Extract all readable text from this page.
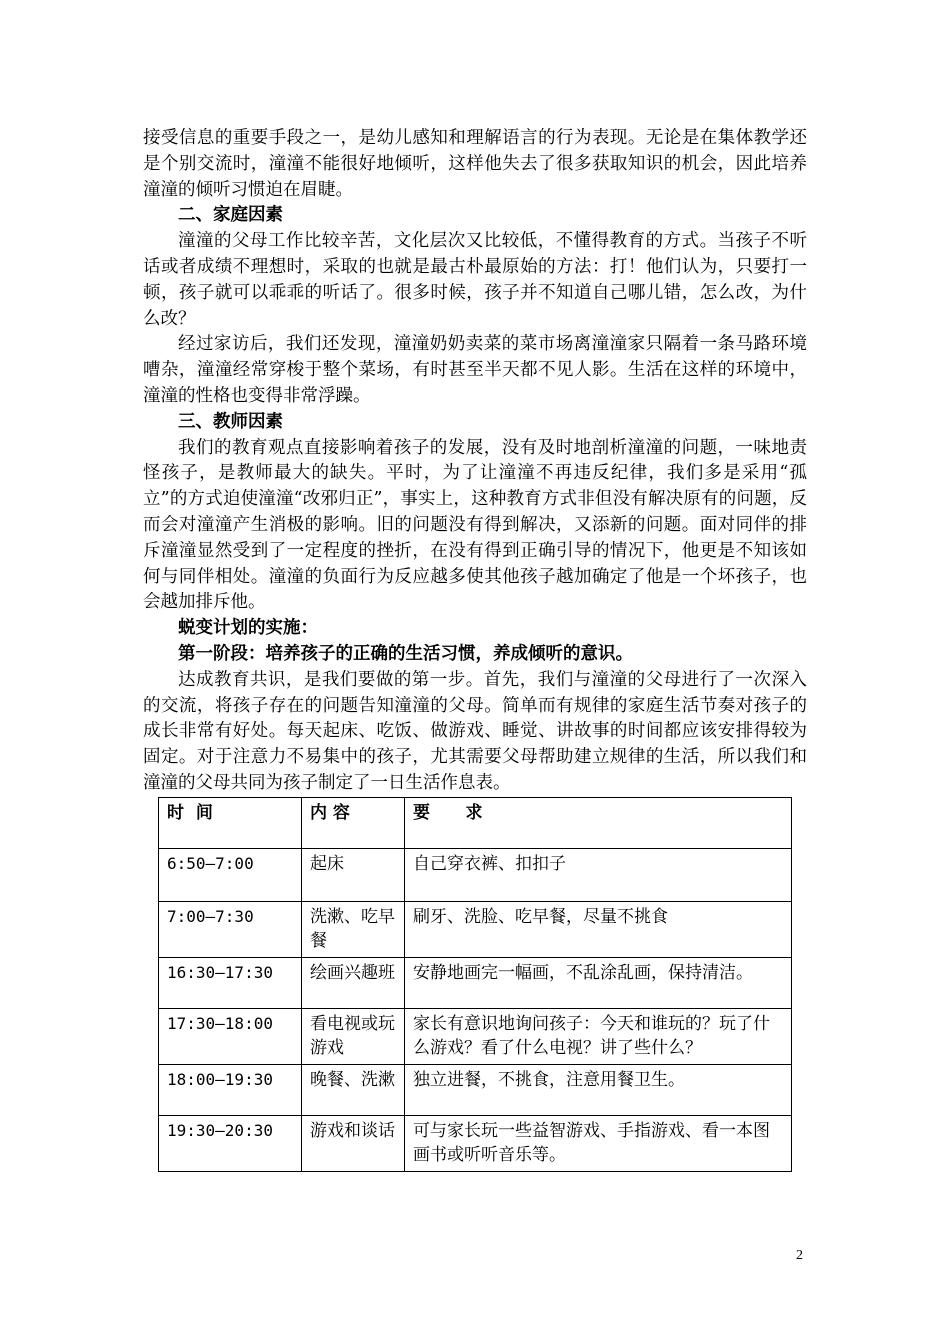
接受信息的重要手段之一，是幼儿感知和理解语言的行为表现。无论是在集体教学还是个别交流时，潼潼不能很好地倾听，这样他失去了很多获取知识的机会，因此培养潼潼的倾听习惯迫在眉睫。

二、家庭因素

潼潼的父母工作比较辛苦，文化层次又比较低，不懂得教育的方式。当孩子不听话或者成绩不理想时，采取的也就是最古朴最原始的方法：打！他们认为，只要打一顿，孩子就可以乖乖的听话了。很多时候，孩子并不知道自己哪儿错，怎么改，为什么改？

经过家访后，我们还发现，潼潼奶奶卖菜的菜市场离潼潼家只隔着一条马路环境嘈杂，潼潼经常穿梭于整个菜场，有时甚至半天都不见人影。生活在这样的环境中，潼潼的性格也变得非常浮躁。

三、教师因素

我们的教育观点直接影响着孩子的发展，没有及时地剖析潼潼的问题，一味地责怪孩子，是教师最大的缺失。平时，为了让潼潼不再违反纪律，我们多是采用“孤立”的方式迫使潼潼“改邪归正”，事实上，这种教育方式非但没有解决原有的问题，反而会对潼潼产生消极的影响。旧的问题没有得到解决，又添新的问题。面对同伴的排斥潼潼显然受到了一定程度的挫折，在没有得到正确引导的情况下，他更是不知该如何与同伴相处。潼潼的负面行为反应越多使其他孩子越加确定了他是一个坏孩子，也会越加排斥他。

蜕变计划的实施：

第一阶段：培养孩子的正确的生活习惯，养成倾听的意识。

达成教育共识，是我们要做的第一步。首先，我们与潼潼的父母进行了一次深入的交流，将孩子存在的问题告知潼潼的父母。简单而有规律的家庭生活节奏对孩子的成长非常有好处。每天起床、吃饭、做游戏、睡觉、讲故事的时间都应该安排得较为固定。对于注意力不易集中的孩子，尤其需要父母帮助建立规律的生活，所以我们和潼潼的父母共同为孩子制定了一日生活作息表。

时  间	内 容	要      求
6:50—7:00	起床	自己穿衣裤、扣扣子
7:00—7:30	洗漱、吃早餐	刷牙、洗脸、吃早餐，尽量不挑食
16:30—17:30	绘画兴趣班	安静地画完一幅画，不乱涂乱画，保持清洁。
17:30—18:00	看电视或玩游戏	家长有意识地询问孩子：今天和谁玩的？玩了什么游戏？看了什么电视？讲了些什么？
18:00—19:30	晚餐、洗漱	独立进餐，不挑食，注意用餐卫生。
19:30—20:30	游戏和谈话	可与家长玩一些益智游戏、手指游戏、看一本图画书或听听音乐等。
2
